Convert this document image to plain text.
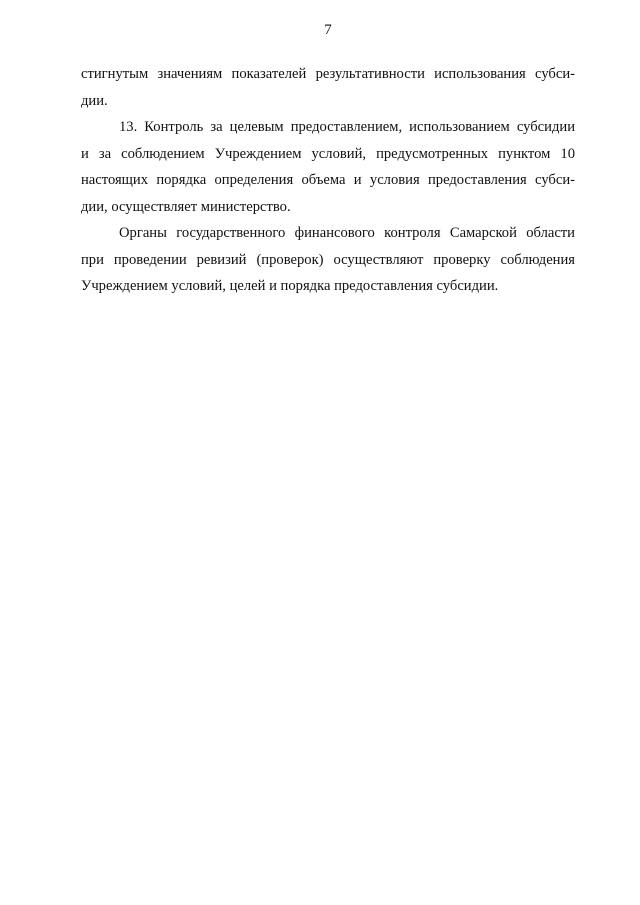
7
стигнутым значениям показателей результативности использования субси-
дии.
13. Контроль за целевым предоставлением, использованием субсидии
и за соблюдением Учреждением условий, предусмотренных пунктом 10
настоящих порядка определения объема и условия предоставления субси-
дии, осуществляет министерство.
Органы государственного финансового контроля Самарской области
при проведении ревизий (проверок) осуществляют проверку соблюдения
Учреждением условий, целей и порядка предоставления субсидии.
